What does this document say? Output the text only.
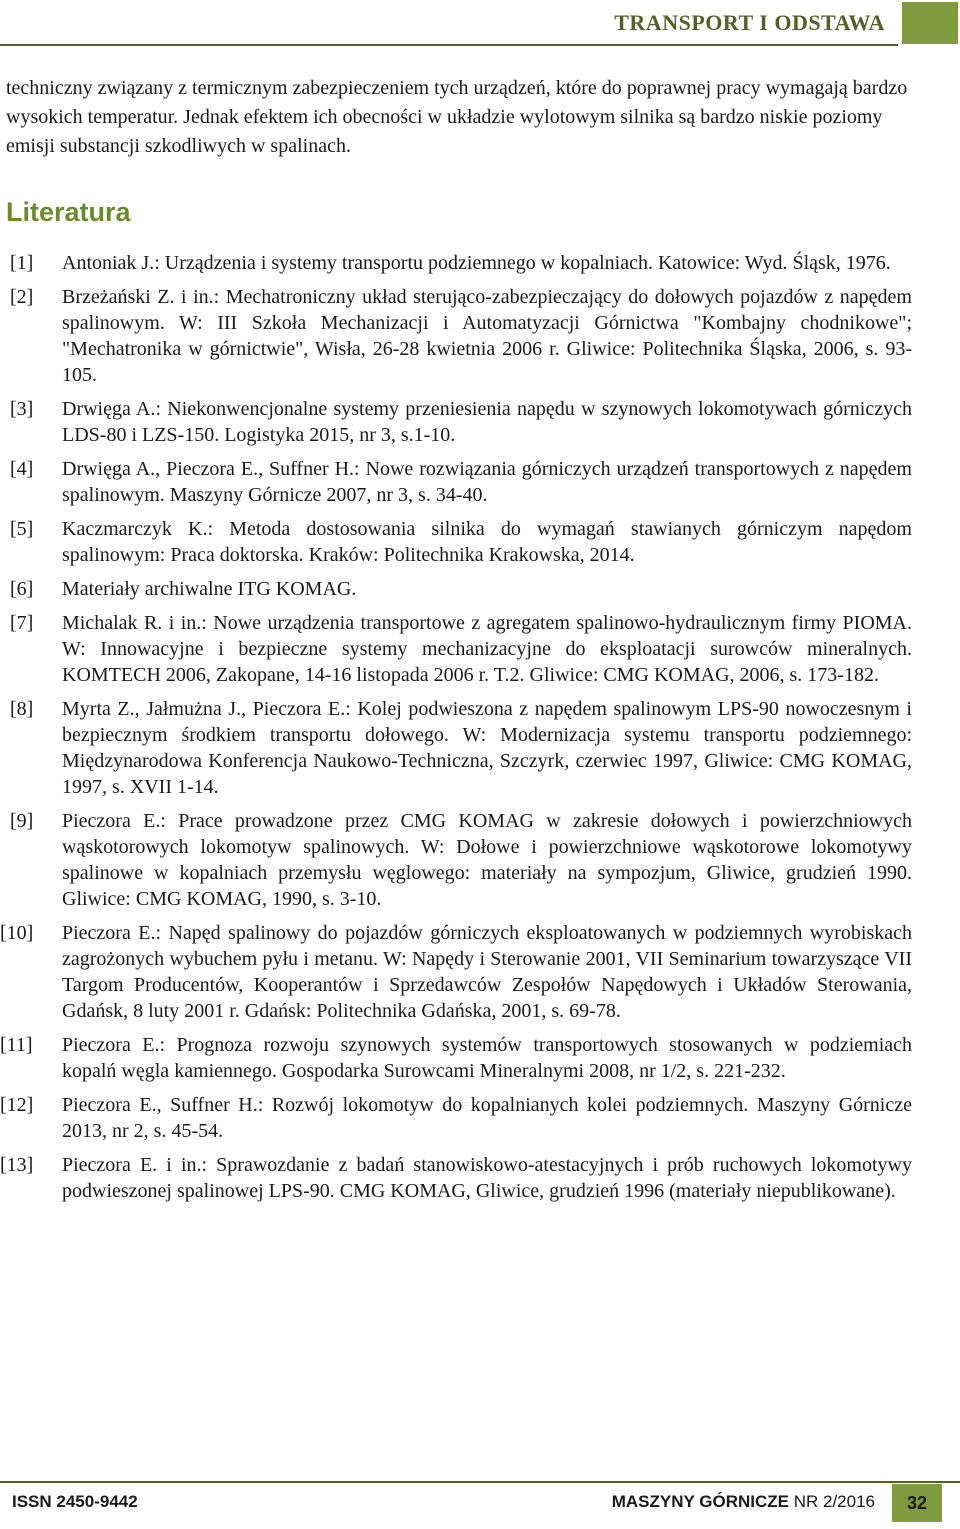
TRANSPORT I ODSTAWA

techniczny związany z termicznym zabezpieczeniem tych urządzeń, które do poprawnej pracy wymagają bardzo wysokich temperatur. Jednak efektem ich obecności w układzie wylotowym silnika są bardzo niskie poziomy emisji substancji szkodliwych w spalinach.

Literatura
[1] Antoniak J.: Urządzenia i systemy transportu podziemnego w kopalniach. Katowice: Wyd. Śląsk, 1976.
[2] Brzeżański Z. i in.: Mechatroniczny układ sterująco-zabezpieczający do dołowych pojazdów z napędem spalinowym. W: III Szkoła Mechanizacji i Automatyzacji Górnictwa "Kombajny chodnikowe"; "Mechatronika w górnictwie", Wisła, 26-28 kwietnia 2006 r. Gliwice: Politechnika Śląska, 2006, s. 93-105.
[3] Drwięga A.: Niekonwencjonalne systemy przeniesienia napędu w szynowych lokomotywach górniczych LDS-80 i LZS-150. Logistyka 2015, nr 3, s.1-10.
[4] Drwięga A., Pieczora E., Suffner H.: Nowe rozwiązania górniczych urządzeń transportowych z napędem spalinowym. Maszyny Górnicze 2007, nr 3, s. 34-40.
[5] Kaczmarczyk K.: Metoda dostosowania silnika do wymagań stawianych górniczym napędom spalinowym: Praca doktorska. Kraków: Politechnika Krakowska, 2014.
[6] Materiały archiwalne ITG KOMAG.
[7] Michalak R. i in.: Nowe urządzenia transportowe z agregatem spalinowo-hydraulicznym firmy PIOMA. W: Innowacyjne i bezpieczne systemy mechanizacyjne do eksploatacji surowców mineralnych. KOMTECH 2006, Zakopane, 14-16 listopada 2006 r. T.2. Gliwice: CMG KOMAG, 2006, s. 173-182.
[8] Myrta Z., Jałmużna J., Pieczora E.: Kolej podwieszona z napędem spalinowym LPS-90 nowoczesnym i bezpiecznym środkiem transportu dołowego. W: Modernizacja systemu transportu podziemnego: Międzynarodowa Konferencja Naukowo-Techniczna, Szczyrk, czerwiec 1997, Gliwice: CMG KOMAG, 1997, s. XVII 1-14.
[9] Pieczora E.: Prace prowadzone przez CMG KOMAG w zakresie dołowych i powierzchniowych wąskotorowych lokomotyw spalinowych. W: Dołowe i powierzchniowe wąskotorowe lokomotywy spalinowe w kopalniach przemysłu węglowego: materiały na sympozjum, Gliwice, grudzień 1990. Gliwice: CMG KOMAG, 1990, s. 3-10.
[10] Pieczora E.: Napęd spalinowy do pojazdów górniczych eksploatowanych w podziemnych wyrobiskach zagrożonych wybuchem pyłu i metanu. W: Napędy i Sterowanie 2001, VII Seminarium towarzyszące VII Targom Producentów, Kooperantów i Sprzedawców Zespołów Napędowych i Układów Sterowania, Gdańsk, 8 luty 2001 r. Gdańsk: Politechnika Gdańska, 2001, s. 69-78.
[11] Pieczora E.: Prognoza rozwoju szynowych systemów transportowych stosowanych w podziemiach kopalń węgla kamiennego. Gospodarka Surowcami Mineralnymi 2008, nr 1/2, s. 221-232.
[12] Pieczora E., Suffner H.: Rozwój lokomotyw do kopalnianych kolei podziemnych. Maszyny Górnicze 2013, nr 2, s. 45-54.
[13] Pieczora E. i in.: Sprawozdanie z badań stanowiskowo-atestacyjnych i prób ruchowych lokomotywy podwieszonej spalinowej LPS-90. CMG KOMAG, Gliwice, grudzień 1996 (materiały niepublikowane).
ISSN 2450-9442	MASZYNY GÓRNICZE NR 2/2016	32
